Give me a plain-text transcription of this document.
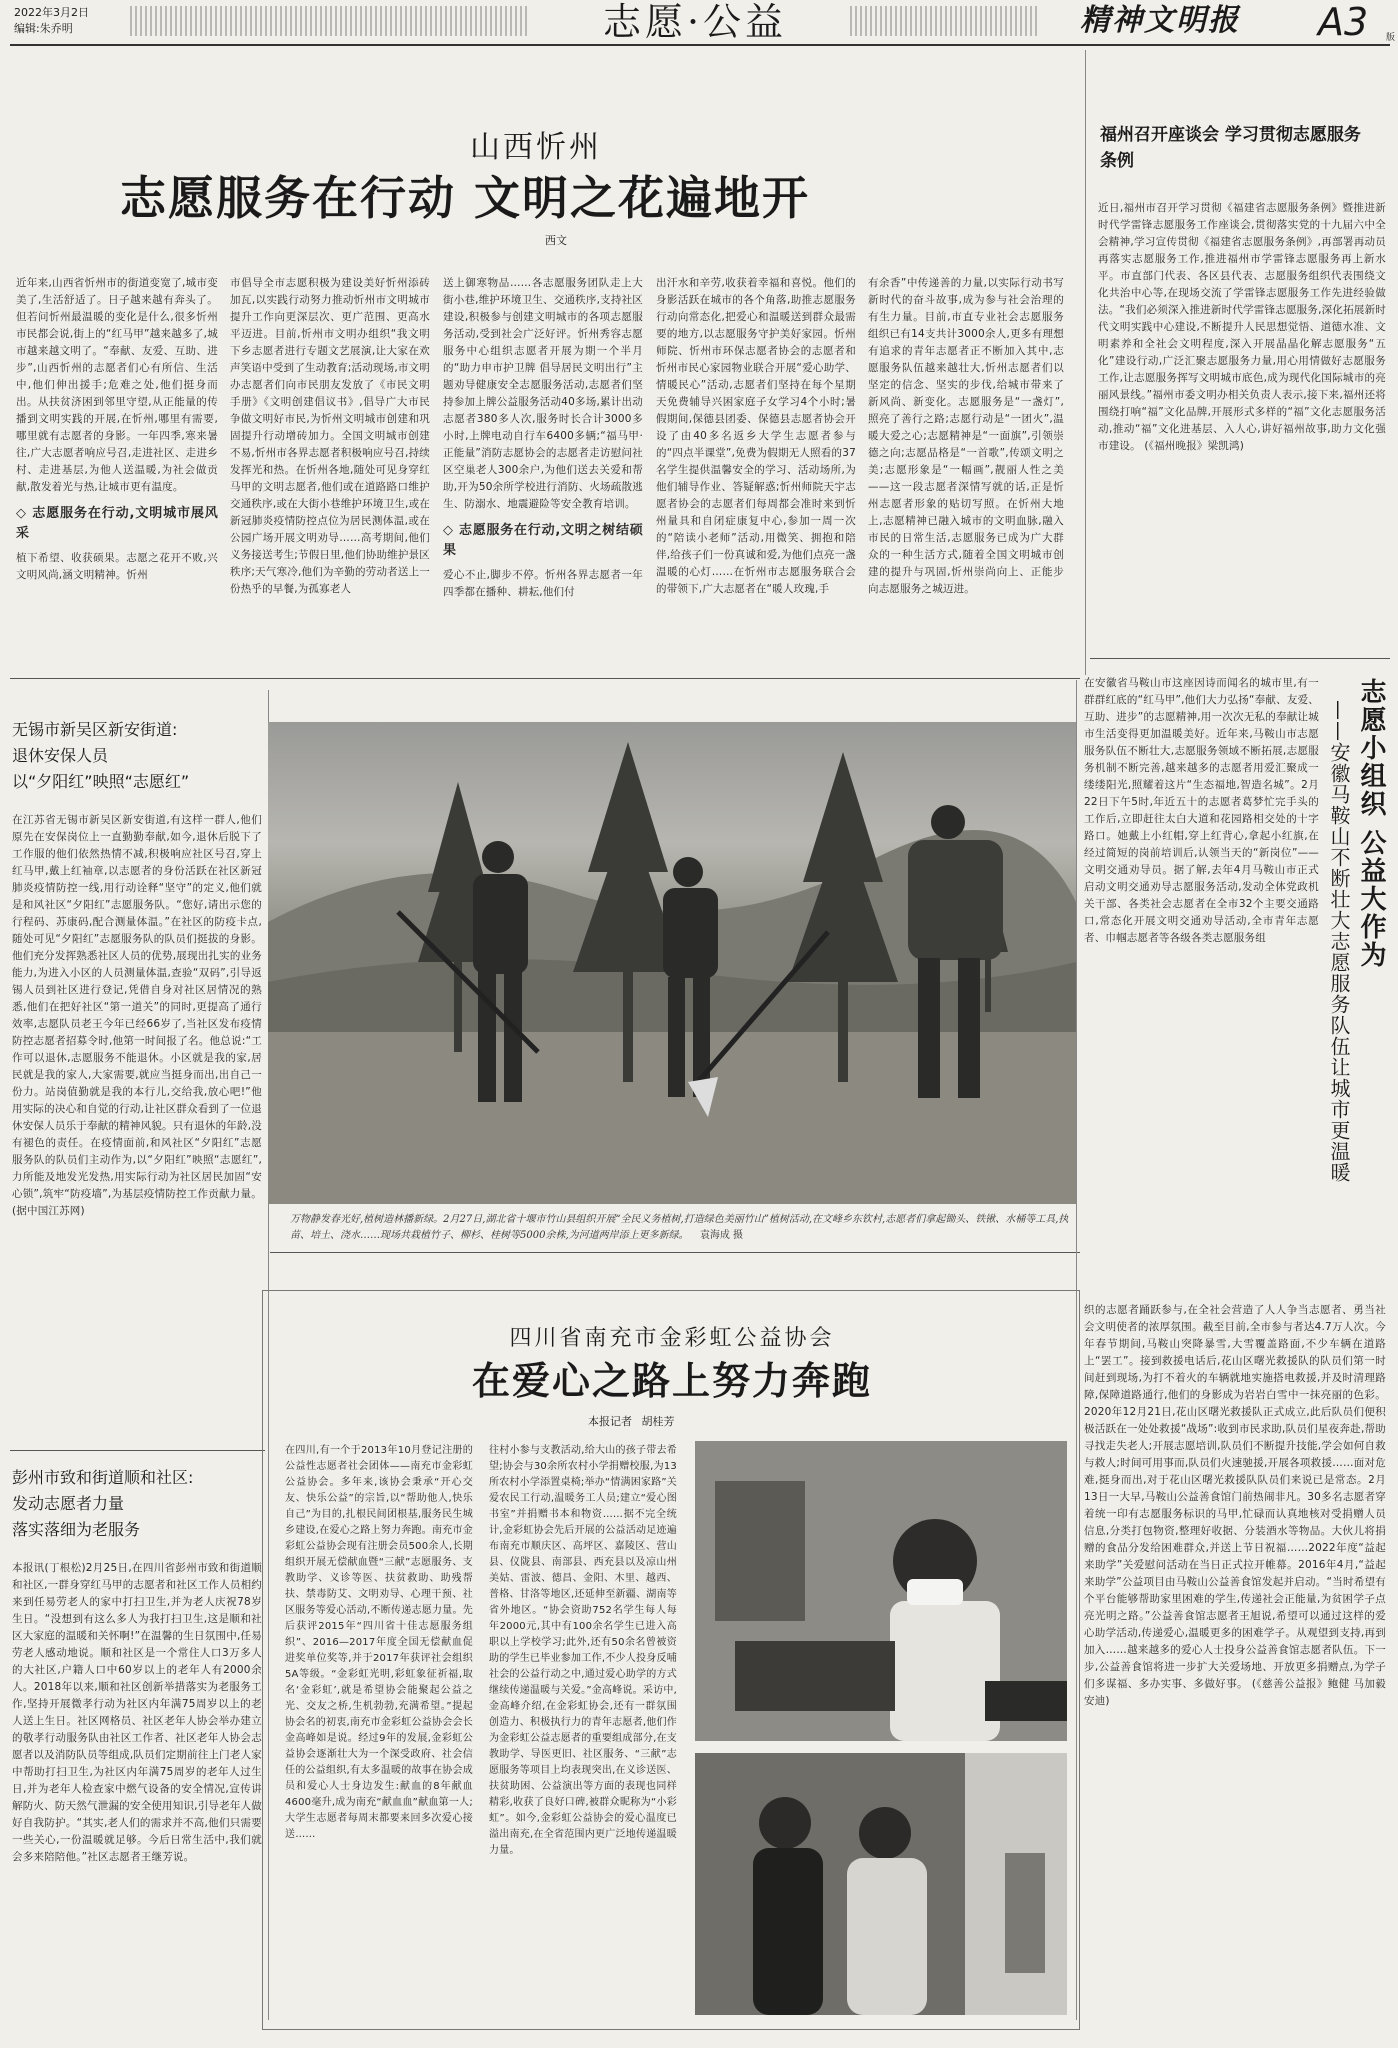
2022年3月2日
编辑:朱乔明	志愿·公益	精神文明报 A3 版
山西忻州
志愿服务在行动 文明之花遍地开
西文
近年来,山西省忻州市的街道变宽了,城市变美了,生活舒适了。日子越来越有奔头了。但若问忻州最温暖的变化是什么,很多忻州市民都会说,街上的“红马甲”越来越多了,城市越来越文明了。“奉献、友爱、互助、进步”,山西忻州的志愿者们心有所信、生活中,他们伸出援手;危难之处,他们挺身而出。从扶贫济困到邻里守望,从正能量的传播到文明实践的开展,在忻州,哪里有需要,哪里就有志愿者的身影。一年四季,寒来暑往,广大志愿者响应号召,走进社区、走进乡村、走进基层,为他人送温暖,为社会做贡献,散发着光与热,让城市更有温度。
◇ 志愿服务在行动,文明城市展风采
植下希望、收获硕果。志愿之花开不败,兴文明风尚,涵文明精神。忻州
市倡导全市志愿积极为建设美好忻州添砖加瓦,以实践行动努力推动忻州市文明城市提升工作向更深层次、更广范围、更高水平迈进。目前,忻州市文明办组织“我文明下乡志愿者进行专题文艺展演,让大家在欢声笑语中受到了生动教育;活动现场,市文明办志愿者们向市民朋友发放了《市民文明手册》《文明创建倡议书》,倡导广大市民争做文明好市民,为忻州文明城市创建和巩固提升行动增砖加力。全国文明城市创建不易,忻州市各界志愿者积极响应号召,持续发挥光和热。在忻州各地,随处可见身穿红马甲的文明志愿者,他们或在道路路口维护交通秩序,或在大街小巷维护环境卫生,或在新冠肺炎疫情防控点位为居民测体温,或在公园广场开展文明劝导……高考期间,他们义务接送考生;节假日里,他们协助维护景区秩序;天气寒冷,他们为辛勤的劳动者送上一份热乎的早餐,为孤寡老人
送上御寒物品……各志愿服务团队走上大街小巷,维护环境卫生、交通秩序,支持社区建设,积极参与创建文明城市的各项志愿服务活动,受到社会广泛好评。忻州秀容志愿服务中心组织志愿者开展为期一个半月的“助力申市护卫牌 倡导居民文明出行”主题劝导健康安全志愿服务活动,志愿者们坚持参加上牌公益服务活动40多场,累计出动志愿者380多人次,服务时长合计3000多小时,上牌电动自行车6400多辆;“福马甲·正能量”消防志愿协会的志愿者走访慰问社区空巢老人300余户,为他们送去关爱和帮助,开为50余所学校进行消防、火场疏散逃生、防溺水、地震避险等安全教育培训。
◇ 志愿服务在行动,文明之树结硕果
爱心不止,脚步不停。忻州各界志愿者一年四季都在播种、耕耘,他们付
出汗水和辛劳,收获着幸福和喜悦。他们的身影活跃在城市的各个角落,助推志愿服务行动向常态化,把爱心和温暖送到群众最需要的地方,以志愿服务守护美好家园。忻州师院、忻州市环保志愿者协会的志愿者和忻州市民心家园物业联合开展“爱心助学、情暖民心”活动,志愿者们坚持在每个星期天免费辅导兴困家庭子女学习4个小时;暑假期间,保德县团委、保德县志愿者协会开设了由40多名返乡大学生志愿者参与的“四点半课堂”,免费为假期无人照看的37名学生提供温馨安全的学习、活动场所,为他们辅导作业、答疑解惑;忻州师院天宇志愿者协会的志愿者们每周都会准时来到忻州量具和自闭症康复中心,参加一周一次的“陪读小老师”活动,用微笑、拥抱和陪伴,给孩子们一份真诚和爱,为他们点亮一盏温暖的心灯……在忻州市志愿服务联合会的带领下,广大志愿者在“暖人玫瑰,手
有余香”中传递善的力量,以实际行动书写新时代的奋斗故事,成为参与社会治理的有生力量。目前,市直专业社会志愿服务组织已有14支共计3000余人,更多有理想有追求的青年志愿者正不断加入其中,志愿服务队伍越来越壮大,忻州志愿者们以坚定的信念、坚实的步伐,给城市带来了新风尚、新变化。志愿服务是“一盏灯”,照亮了善行之路;志愿行动是“一团火”,温暖大爱之心;志愿精神是“一面旗”,引领崇德之向;志愿品格是“一首歌”,传颂文明之美;志愿形象是“一幅画”,靓丽人性之美——这一段志愿者深情写就的话,正是忻州志愿者形象的贴切写照。在忻州大地上,志愿精神已融入城市的文明血脉,融入市民的日常生活,志愿服务已成为广大群众的一种生活方式,随着全国文明城市创建的提升与巩固,忻州崇尚向上、正能步向志愿服务之城迈进。
福州召开座谈会 学习贯彻志愿服务条例
近日,福州市召开学习贯彻《福建省志愿服务条例》暨推进新时代学雷锋志愿服务工作座谈会,贯彻落实党的十九届六中全会精神,学习宣传贯彻《福建省志愿服务条例》,再部署再动员再落实志愿服务工作,推进福州市学雷锋志愿服务再上新水平。市直部门代表、各区县代表、志愿服务组织代表围绕文化共治中心等,在现场交流了学雷锋志愿服务工作先进经验做法。“我们必须深入推进新时代学雷锋志愿服务,深化拓展新时代文明实践中心建设,不断提升人民思想觉悟、道德水准、文明素养和全社会文明程度,深入开展晶晶化解志愿服务“五化”建设行动,广泛汇聚志愿服务力量,用心用情做好志愿服务工作,让志愿服务挥写文明城市底色,成为现代化国际城市的亮丽风景线。”福州市委文明办相关负责人表示,接下来,福州还将围绕打响“福”文化品牌,开展形式多样的“福”文化志愿服务活动,推动“福”文化进基层、入人心,讲好福州故事,助力文化强市建设。 (《福州晚报》梁凯鸿)
无锡市新吴区新安街道:
退休安保人员
以“夕阳红”映照“志愿红”
在江苏省无锡市新吴区新安街道,有这样一群人,他们原先在安保岗位上一直勤勤奉献,如今,退休后脱下了工作服的他们依然热情不减,积极响应社区号召,穿上红马甲,戴上红袖章,以志愿者的身份活跃在社区新冠肺炎疫情防控一线,用行动诠释“坚守”的定义,他们就是和风社区“夕阳红”志愿服务队。“您好,请出示您的行程码、苏康码,配合测量体温。”在社区的防疫卡点,随处可见“夕阳红”志愿服务队的队员们挺拔的身影。他们充分发挥熟悉社区人员的优势,展现出扎实的业务能力,为进入小区的人员测量体温,查验“双码”,引导返锡人员到社区进行登记,凭借自身对社区居情况的熟悉,他们在把好社区“第一道关”的同时,更提高了通行效率,志愿队员老王今年已经66岁了,当社区发布疫情防控志愿者招募令时,他第一时间报了名。他总说:“工作可以退休,志愿服务不能退休。小区就是我的家,居民就是我的家人,大家需要,就应当挺身而出,出自己一份力。站岗值勤就是我的本行儿,交给我,放心吧!”他用实际的决心和自觉的行动,让社区群众看到了一位退休安保人员乐于奉献的精神风貌。只有退休的年龄,没有褪色的责任。在疫情面前,和风社区“夕阳红”志愿服务队的队员们主动作为,以“夕阳红”映照“志愿红”,力所能及地发光发热,用实际行动为社区居民加固“安心锁”,筑牢“防疫墙”,为基层疫情防控工作贡献力量。 (据中国江苏网)
彭州市致和街道顺和社区:
发动志愿者力量
落实落细为老服务
本报讯(丁根松)2月25日,在四川省彭州市致和街道顺和社区,一群身穿红马甲的志愿者和社区工作人员相约来到任易劳老人的家中打扫卫生,并为老人庆祝78岁生日。“没想到有这么多人为我打扫卫生,这是顺和社区大家庭的温暖和关怀啊!”在温馨的生日氛围中,任易劳老人感动地说。顺和社区是一个常住人口3万多人的大社区,户籍人口中60岁以上的老年人有2000余人。2018年以来,顺和社区创新举措落实为老服务工作,坚持开展微孝行动为社区内年满75周岁以上的老人送上生日。社区网格员、社区老年人协会举办建立的敬孝行动服务队由社区工作者、社区老年人协会志愿者以及消防队员等组成,队员们定期前往上门老人家中帮助打扫卫生,为社区内年满75周岁的老年人过生日,并为老年人检查家中燃气设备的安全情况,宣传讲解防火、防天然气泄漏的安全使用知识,引导老年人做好自我防护。“其实,老人们的需求并不高,他们只需要一些关心,一份温暖就足够。今后日常生活中,我们就会多来陪陪他。”社区志愿者王继芳说。
万物静发春光好,植树造林播新绿。2月27日,湖北省十堰市竹山县组织开展“全民义务植树,打造绿色美丽竹山”植树活动,在文峰乡东钦村,志愿者们拿起锄头、铁锹、水桶等工具,执苗、培土、浇水……现场共栽植竹子、柳杉、桂树等5000余株,为河道两岸添上更多新绿。 袁海成 摄
在安徽省马鞍山市这座因诗而闻名的城市里,有一群群红底的“红马甲”,他们大力弘扬“奉献、友爱、互助、进步”的志愿精神,用一次次无私的奉献让城市生活变得更加温暖美好。近年来,马鞍山市志愿服务队伍不断壮大,志愿服务领域不断拓展,志愿服务机制不断完善,越来越多的志愿者用爱汇聚成一缕缕阳光,照耀着这片“生态福地,智造名城”。2月22日下午5时,年近五十的志愿者葛梦忙完手头的工作后,立即赶往太白大道和花园路相交处的十字路口。她戴上小红帽,穿上红背心,拿起小红旗,在经过简短的岗前培训后,认领当天的“新岗位”——文明交通劝导员。据了解,去年4月马鞍山市正式启动文明交通劝导志愿服务活动,发动全体党政机关干部、各类社会志愿者在全市32个主要交通路口,常态化开展文明交通劝导活动,全市青年志愿者、巾帼志愿者等各级各类志愿服务组	志愿小组织 公益大作为
——安徽马鞍山不断壮大志愿服务队伍让城市更温暖
织的志愿者踊跃参与,在全社会营造了人人争当志愿者、勇当社会文明使者的浓厚氛围。截至目前,全市参与者达4.7万人次。今年春节期间,马鞍山突降暴雪,大雪覆盖路面,不少车辆在道路上“罢工”。接到救援电话后,花山区曙光救援队的队员们第一时间赶到现场,为打不着火的车辆就地实施搭电救援,并及时清理路障,保障道路通行,他们的身影成为岩岩白雪中一抹亮丽的色彩。2020年12月21日,花山区曙光救援队正式成立,此后队员们便积极活跃在一处处救援“战场”:收到市民求助,队员们星夜奔赴,帮助寻找走失老人;开展志愿培训,队员们不断提升技能,学会如何自救与救人;时间可用事而,队员们火速驰援,开展各项救援……面对危难,挺身而出,对于花山区曙光救援队队员们来说已是常态。2月13日一大早,马鞍山公益善食馆门前热闹非凡。30多名志愿者穿着统一印有志愿服务标识的马甲,忙碌而认真地核对受捐赠人员信息,分类打包物资,整理好收据、分装酒水等物品。大伙儿将捐赠的食品分发给困难群众,并送上节日祝福……2022年度“益起来助学”关爱慰问活动在当日正式拉开帷幕。2016年4月,“益起来助学”公益项目由马鞍山公益善食馆发起并启动。“当时希望有个平台能够帮助家里困难的学生,传递社会正能量,为贫困学子点亮光明之路。”公益善食馆志愿者王旭说,希望可以通过这样的爱心助学活动,传递爱心,温暖更多的困难学子。从观望到支持,再到加入……越来越多的爱心人士投身公益善食馆志愿者队伍。下一步,公益善食馆将进一步扩大关爱场地、开放更多捐赠点,为学子们多谋福、多办实事、多做好事。 (《慈善公益报》鲍健 马加毅 安迪)
四川省南充市金彩虹公益协会
在爱心之路上努力奔跑
本报记者 胡桂芳
在四川,有一个于2013年10月登记注册的公益性志愿者社会团体——南充市金彩虹公益协会。多年来,该协会秉承“开心交友、快乐公益”的宗旨,以“帮助他人,快乐自己”为目的,扎根民间团根基,服务民生城乡建设,在爱心之路上努力奔跑。南充市金彩虹公益协会现有注册会员500余人,长期组织开展无偿献血暨“三献”志愿服务、支教助学、义诊等医、扶贫救助、助残帮扶、禁毒防艾、文明劝导、心理干预、社区服务等爱心活动,不断传递志愿力量。先后获评2015年“四川省十佳志愿服务组织”、2016—2017年度全国无偿献血促进奖单位奖等,并于2017年获评社会组织5A等级。“金彩虹光明,彩虹象征祈福,取名‘金彩虹’,就是希望协会能聚起公益之光、交友之桥,生机勃勃,充满希望。”提起协会名的初衷,南充市金彩虹公益协会会长金高峰如是说。经过9年的发展,金彩虹公益协会逐渐壮大为一个深受政府、社会信任的公益组织,有太多温暖的故事在协会成员和爱心人士身边发生:献血的8年献血4600毫升,成为南充“献血血”献血第一人;大学生志愿者每周末都要来回多次爱心接送……
往村小参与支教活动,给大山的孩子带去希望;协会与30余所农村小学捐赠校服,为13所农村小学添置桌椅;举办“情满困家路”关爱农民工行动,温暖务工人员;建立“爱心图书室”并捐赠书本和物资……据不完全统计,金彩虹协会先后开展的公益活动足迹遍布南充市顺庆区、高坪区、嘉陵区、营山县、仪陇县、南部县、西充县以及凉山州美姑、雷波、德昌、金阳、木里、越西、普格、甘洛等地区,还延伸至新疆、湖南等省外地区。“协会资助752名学生每人每年2000元,其中有100余名学生已进入高职以上学校学习;此外,还有50余名曾被资助的学生已毕业参加工作,不少人投身反哺社会的公益行动之中,通过爱心助学的方式继续传递温暖与关爱。”金高峰说。采访中,金高峰介绍,在金彩虹协会,还有一群氛围创造力、积极执行力的青年志愿者,他们作为金彩虹公益志愿者的重要组成部分,在支教助学、导医更旧、社区服务、“三献”志愿服务等项目上均表现突出,在义诊送医、扶贫助困、公益演出等方面的表现也同样精彩,收获了良好口碑,被群众昵称为“小彩虹”。如今,金彩虹公益协会的爱心温度已溢出南充,在全省范围内更广泛地传递温暖力量。
